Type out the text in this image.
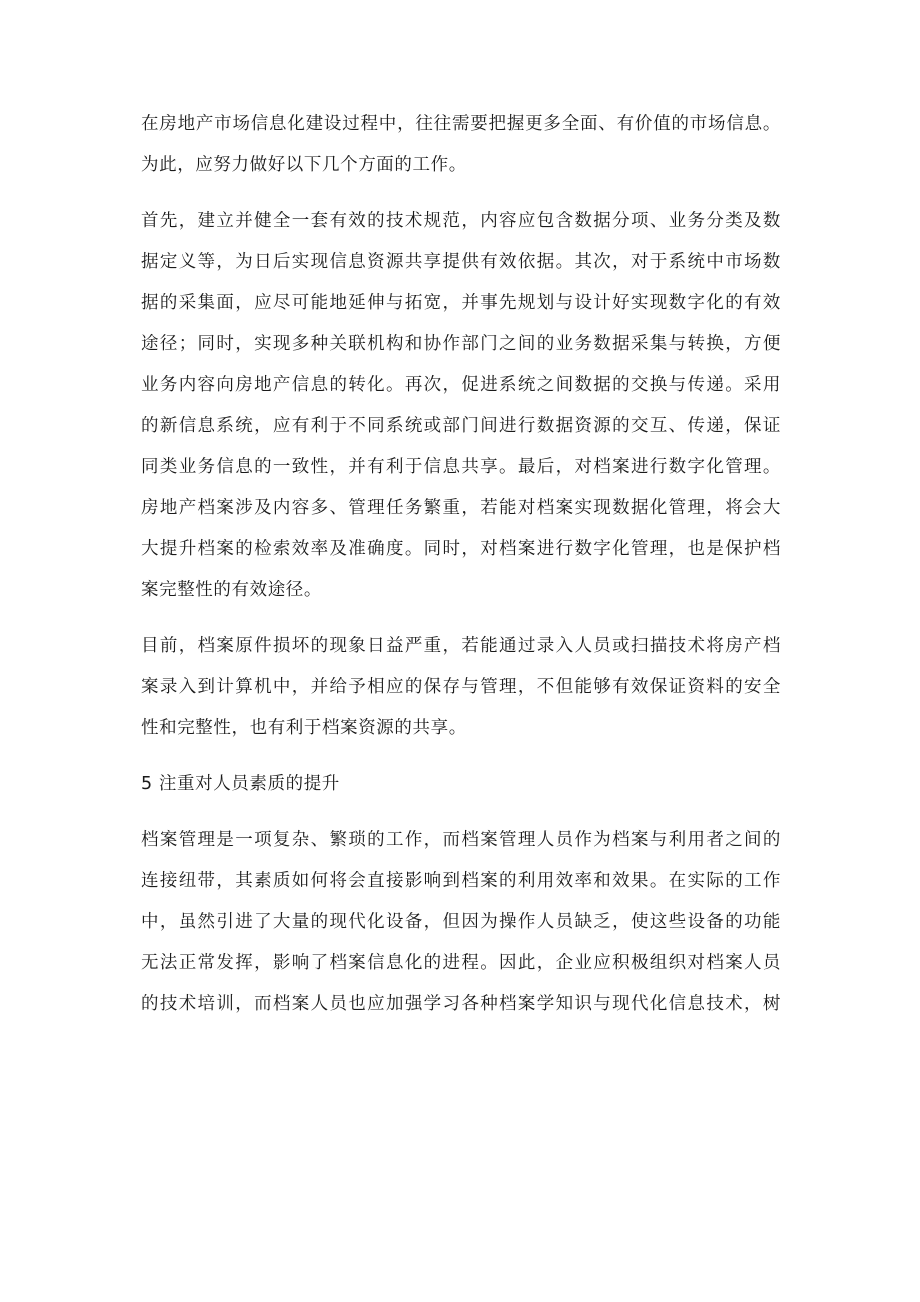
在房地产市场信息化建设过程中，往往需要把握更多全面、有价值的市场信息。
为此，应努力做好以下几个方面的工作。
首先，建立并健全一套有效的技术规范，内容应包含数据分项、业务分类及数
据定义等，为日后实现信息资源共享提供有效依据。其次，对于系统中市场数
据的采集面，应尽可能地延伸与拓宽，并事先规划与设计好实现数字化的有效
途径；同时，实现多种关联机构和协作部门之间的业务数据采集与转换，方便
业务内容向房地产信息的转化。再次，促进系统之间数据的交换与传递。采用
的新信息系统，应有利于不同系统或部门间进行数据资源的交互、传递，保证
同类业务信息的一致性，并有利于信息共享。最后，对档案进行数字化管理。
房地产档案涉及内容多、管理任务繁重，若能对档案实现数据化管理，将会大
大提升档案的检索效率及准确度。同时，对档案进行数字化管理，也是保护档
案完整性的有效途径。
目前，档案原件损坏的现象日益严重，若能通过录入人员或扫描技术将房产档
案录入到计算机中，并给予相应的保存与管理，不但能够有效保证资料的安全
性和完整性，也有利于档案资源的共享。
5 注重对人员素质的提升
档案管理是一项复杂、繁琐的工作，而档案管理人员作为档案与利用者之间的
连接纽带，其素质如何将会直接影响到档案的利用效率和效果。在实际的工作
中，虽然引进了大量的现代化设备，但因为操作人员缺乏，使这些设备的功能
无法正常发挥，影响了档案信息化的进程。因此，企业应积极组织对档案人员
的技术培训，而档案人员也应加强学习各种档案学知识与现代化信息技术，树
